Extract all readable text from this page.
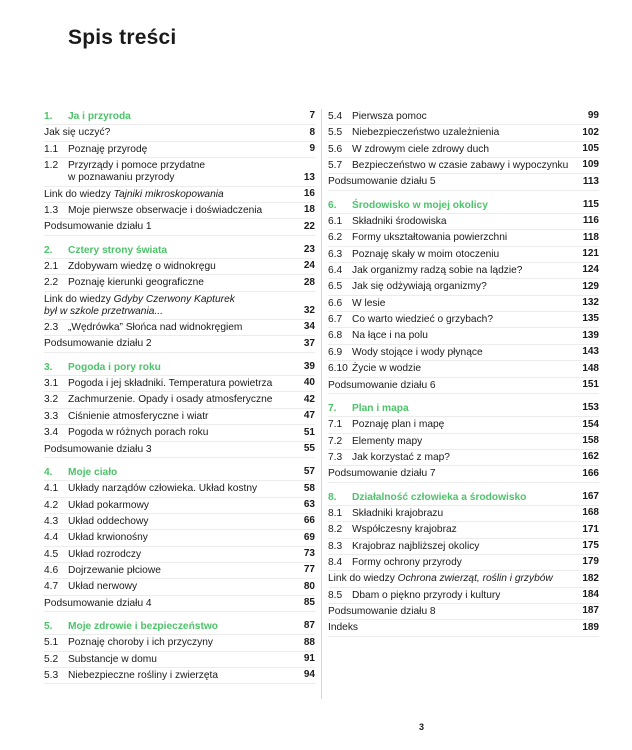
Spis treści
1. Ja i przyroda	7
Jak się uczyć?	8
1.1 Poznaję przyrodę	9
1.2 Przyrządy i pomoce przydatne
w poznawaniu przyrody	13
Link do wiedzy Tajniki mikroskopowania	16
1.3 Moje pierwsze obserwacje i doświadczenia	18
Podsumowanie działu 1	22
2. Cztery strony świata	23
2.1 Zdobywam wiedzę o widnokręgu	24
2.2 Poznaję kierunki geograficzne	28
Link do wiedzy Gdyby Czerwony Kapturek
był w szkole przetrwania...	32
2.3 „Wędrówka” Słońca nad widnokręgiem	34
Podsumowanie działu 2	37
3. Pogoda i pory roku	39
3.1 Pogoda i jej składniki. Temperatura powietrza	40
3.2 Zachmurzenie. Opady i osady atmosferyczne	42
3.3 Ciśnienie atmosferyczne i wiatr	47
3.4 Pogoda w różnych porach roku	51
Podsumowanie działu 3	55
4. Moje ciało	57
4.1 Układy narządów człowieka. Układ kostny	58
4.2 Układ pokarmowy	63
4.3 Układ oddechowy	66
4.4 Układ krwionośny	69
4.5 Układ rozrodczy	73
4.6 Dojrzewanie płciowe	77
4.7 Układ nerwowy	80
Podsumowanie działu 4	85
5. Moje zdrowie i bezpieczeństwo	87
5.1 Poznaję choroby i ich przyczyny	88
5.2 Substancje w domu	91
5.3 Niebezpieczne rośliny i zwierzęta	94
5.4 Pierwsza pomoc	99
5.5 Niebezpieczeństwo uzależnienia	102
5.6 W zdrowym ciele zdrowy duch	105
5.7 Bezpieczeństwo w czasie zabawy i wypoczynku 109
Podsumowanie działu 5	113
6. Środowisko w mojej okolicy	115
6.1 Składniki środowiska	116
6.2 Formy ukształtowania powierzchni	118
6.3 Poznaję skały w moim otoczeniu	121
6.4 Jak organizmy radzą sobie na lądzie?	124
6.5 Jak się odżywiają organizmy?	129
6.6 W lesie	132
6.7 Co warto wiedzieć o grzybach?	135
6.8 Na łące i na polu	139
6.9 Wody stojące i wody płynące	143
6.10 Życie w wodzie	148
Podsumowanie działu 6	151
7. Plan i mapa	153
7.1 Poznaję plan i mapę	154
7.2 Elementy mapy	158
7.3 Jak korzystać z map?	162
Podsumowanie działu 7	166
8. Działalność człowieka a środowisko	167
8.1 Składniki krajobrazu	168
8.2 Współczesny krajobraz	171
8.3 Krajobraz najbliższej okolicy	175
8.4 Formy ochrony przyrody	179
Link do wiedzy Ochrona zwierząt, roślin i grzybów	182
8.5 Dbam o piękno przyrody i kultury	184
Podsumowanie działu 8	187
Indeks	189
3
